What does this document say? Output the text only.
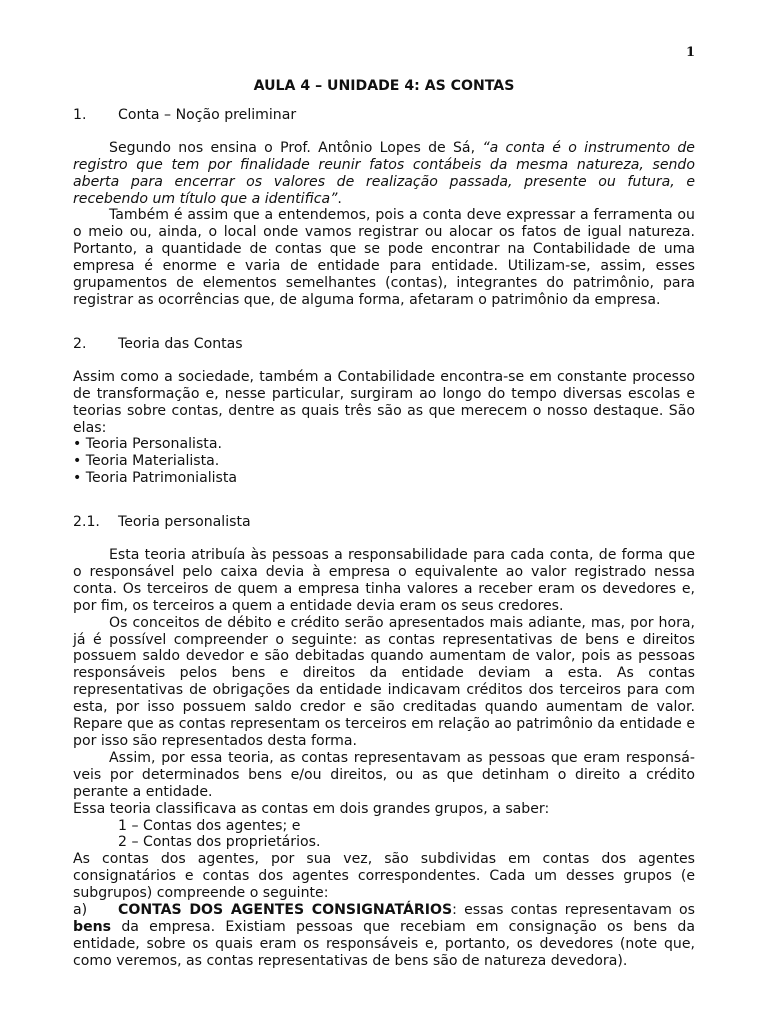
1
AULA 4 – UNIDADE 4: AS CONTAS
1. Conta – Noção preliminar

Segundo nos ensina o Prof. Antônio Lopes de Sá, “a conta é o instrumento de registro que tem por finalidade reunir fatos contábeis da mesma natureza, sendo aberta para encerrar os valores de realização passada, presente ou futura, e recebendo um título que a identifica”.

Também é assim que a entendemos, pois a conta deve expressar a ferramenta ou o meio ou, ainda, o local onde vamos registrar ou alocar os fatos de igual natureza. Portanto, a quantidade de contas que se pode encontrar na Contabilidade de uma empresa é enorme e varia de entidade para entidade. Utilizam-se, assim, esses grupamentos de elementos semelhantes (contas), integrantes do patrimônio, para registrar as ocorrências que, de alguma forma, afetaram o patrimônio da empresa.

2. Teoria das Contas

Assim como a sociedade, também a Contabilidade encontra-se em constante processo de transformação e, nesse particular, surgiram ao longo do tempo diversas escolas e teorias sobre contas, dentre as quais três são as que merecem o nosso destaque. São elas:

• Teoria Personalista.
• Teoria Materialista.
• Teoria Patrimonialista
2.1. Teoria personalista

Esta teoria atribuía às pessoas a responsabilidade para cada conta, de forma que o responsável pelo caixa devia à empresa o equivalente ao valor registrado nessa conta. Os terceiros de quem a empresa tinha valores a receber eram os devedores e, por fim, os terceiros a quem a entidade devia eram os seus credores.

Os conceitos de débito e crédito serão apresentados mais adiante, mas, por hora, já é possível compreender o seguinte: as contas representativas de bens e direitos possuem saldo devedor e são debitadas quando aumentam de valor, pois as pessoas responsáveis pelos bens e direitos da entidade deviam a esta. As contas representativas de obrigações da entidade indicavam créditos dos terceiros para com esta, por isso possuem saldo credor e são creditadas quando aumentam de valor. Repare que as contas representam os terceiros em relação ao patrimônio da entidade e por isso são representados desta forma.

Assim, por essa teoria, as contas representavam as pessoas que eram responsá-veis por determinados bens e/ou direitos, ou as que detinham o direito a crédito perante a entidade.

Essa teoria classificava as contas em dois grandes grupos, a saber:

1 – Contas dos agentes; e
2 – Contas dos proprietários.

As contas dos agentes, por sua vez, são subdividas em contas dos agentes consignatários e contas dos agentes correspondentes. Cada um desses grupos (e subgrupos) compreende o seguinte:

a) CONTAS DOS AGENTES CONSIGNATÁRIOS: essas contas representavam os bens da empresa. Existiam pessoas que recebiam em consignação os bens da entidade, sobre os quais eram os responsáveis e, portanto, os devedores (note que, como veremos, as contas representativas de bens são de natureza devedora).
